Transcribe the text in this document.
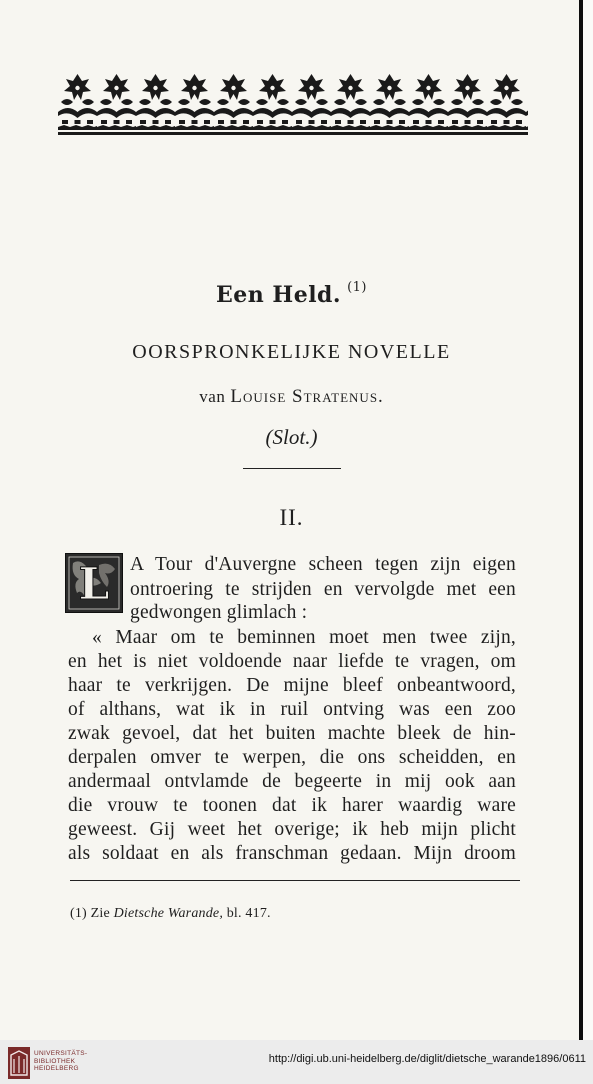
Een Held. $^{(1)}$
OORSPRONKELIJKE NOVELLE
van Louise Stratenus.
(Slot.)
II.
L A Tour d'Auvergne scheen tegen zijn eigen
ontroering te strijden en vervolgde met een
gedwongen glimlach :
« Maar om te beminnen moet men twee zijn,
en het is niet voldoende naar liefde te vragen, om
haar te verkrijgen. De mijne bleef onbeantwoord,
of althans, wat ik in ruil ontving was een zoo
zwak gevoel, dat het buiten machte bleek de hin-
derpalen omver te werpen, die ons scheidden, en
andermaal ontvlamde de begeerte in mij ook aan
die vrouw te toonen dat ik harer waardig ware
geweest. Gij weet het overige; ik heb mijn plicht
als soldaat en als franschman gedaan. Mijn droom
(1) Zie Dietsche Warande, bl. 417.
UNIVERSITÄTS-
BIBLIOTHEK
HEIDELBERG
http://digi.ub.uni-heidelberg.de/diglit/dietsche_warande1896/0611
